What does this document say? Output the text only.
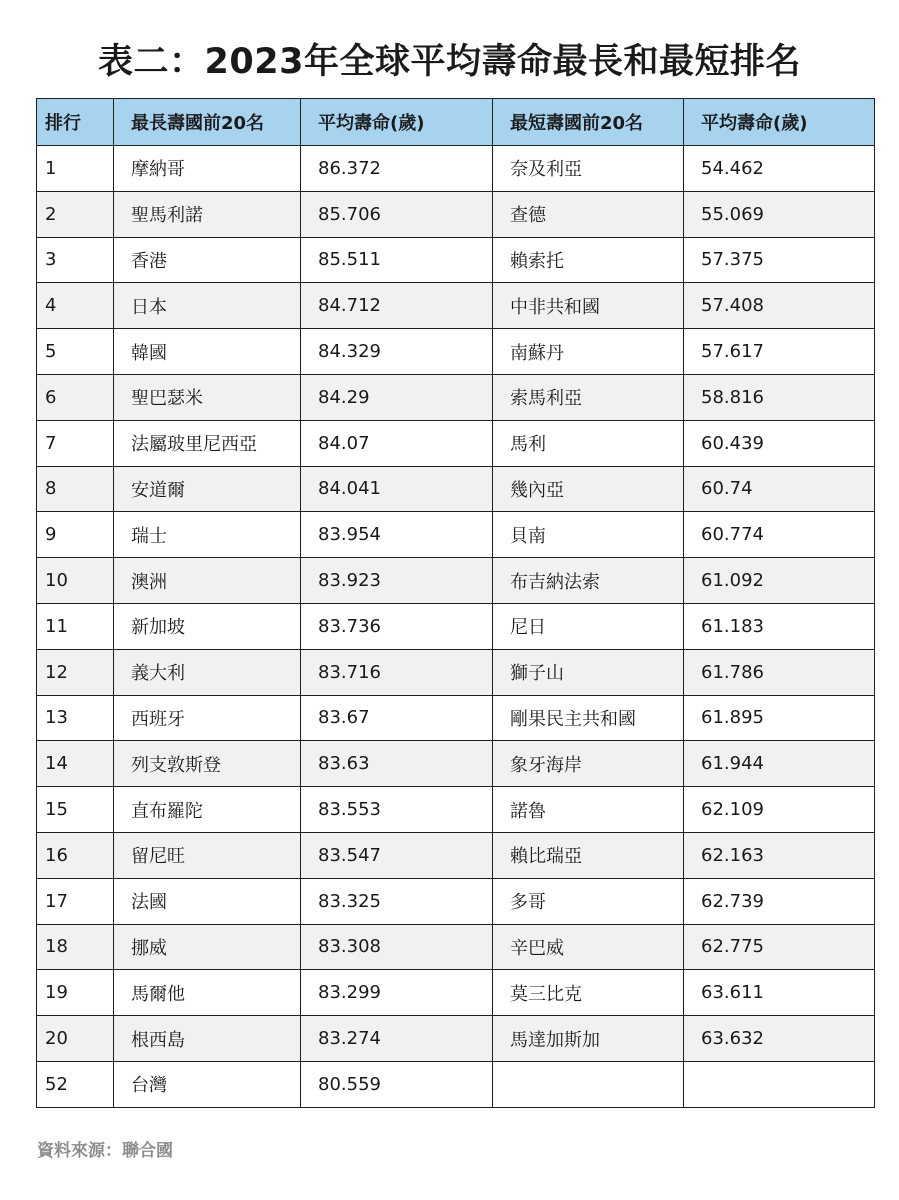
表二：2023年全球平均壽命最長和最短排名
排行	最長壽國前20名	平均壽命(歲)	最短壽國前20名	平均壽命(歲)
1	摩納哥	86.372	奈及利亞	54.462
2	聖馬利諾	85.706	查德	55.069
3	香港	85.511	賴索托	57.375
4	日本	84.712	中非共和國	57.408
5	韓國	84.329	南蘇丹	57.617
6	聖巴瑟米	84.29	索馬利亞	58.816
7	法屬玻里尼西亞	84.07	馬利	60.439
8	安道爾	84.041	幾內亞	60.74
9	瑞士	83.954	貝南	60.774
10	澳洲	83.923	布吉納法索	61.092
11	新加坡	83.736	尼日	61.183
12	義大利	83.716	獅子山	61.786
13	西班牙	83.67	剛果民主共和國	61.895
14	列支敦斯登	83.63	象牙海岸	61.944
15	直布羅陀	83.553	諾魯	62.109
16	留尼旺	83.547	賴比瑞亞	62.163
17	法國	83.325	多哥	62.739
18	挪威	83.308	辛巴威	62.775
19	馬爾他	83.299	莫三比克	63.611
20	根西島	83.274	馬達加斯加	63.632
52	台灣	80.559		
資料來源：聯合國
